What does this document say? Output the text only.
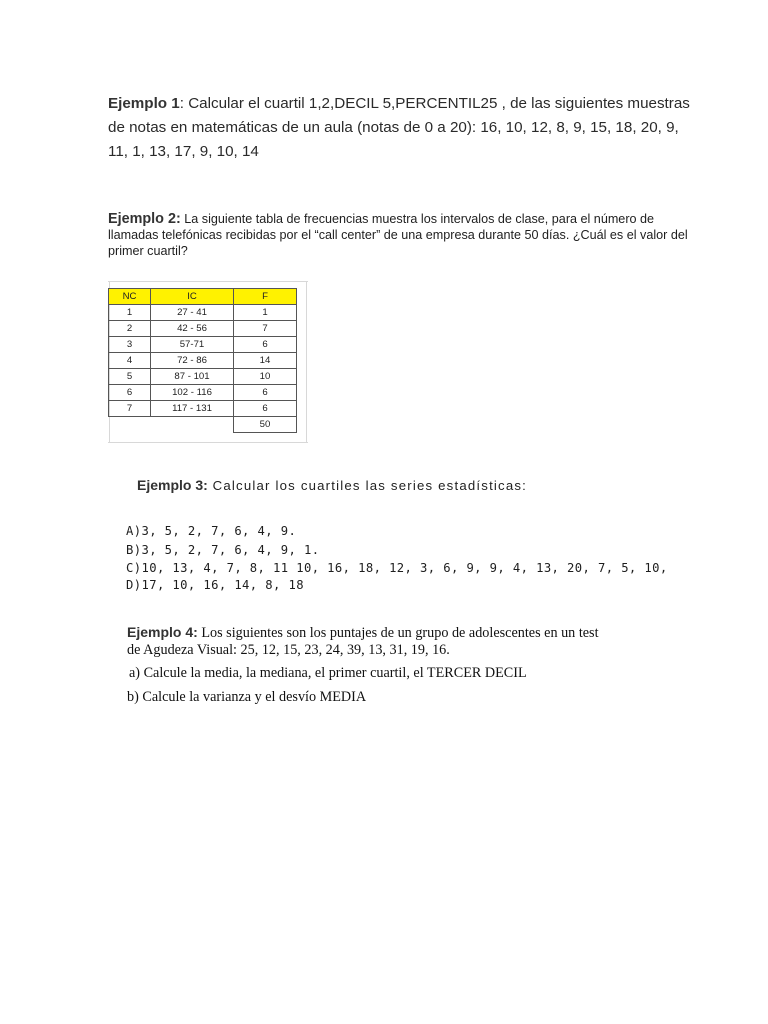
Ejemplo 1: Calcular el cuartil 1,2,DECIL 5,PERCENTIL25 , de las siguientes muestras de notas en matemáticas de un aula (notas de 0 a 20): 16, 10, 12, 8, 9, 15, 18, 20, 9, 11, 1, 13, 17, 9, 10, 14
Ejemplo 2: La siguiente tabla de frecuencias muestra los intervalos de clase, para el número de llamadas telefónicas recibidas por el “call center” de una empresa durante 50 días. ¿Cuál es el valor del primer cuartil?
NC	IC	F
1	27 - 41	1
2	42 - 56	7
3	57-71	6
4	72 - 86	14
5	87 - 101	10
6	102 - 116	6
7	117 - 131	6
		50
Ejemplo 3: Calcular los cuartiles las series estadísticas:
A)3, 5, 2, 7, 6, 4, 9.
B)3, 5, 2, 7, 6, 4, 9, 1.
C)10, 13, 4, 7, 8, 11 10, 16, 18, 12, 3, 6, 9, 9, 4, 13, 20, 7, 5, 10,
D)17, 10, 16, 14, 8, 18
Ejemplo 4: Los siguientes son los puntajes de un grupo de adolescentes en un test
de Agudeza Visual: 25, 12, 15, 23, 24, 39, 13, 31, 19, 16.
a) Calcule la media, la mediana, el primer cuartil, el TERCER DECIL
b) Calcule la varianza y el desvío MEDIA
